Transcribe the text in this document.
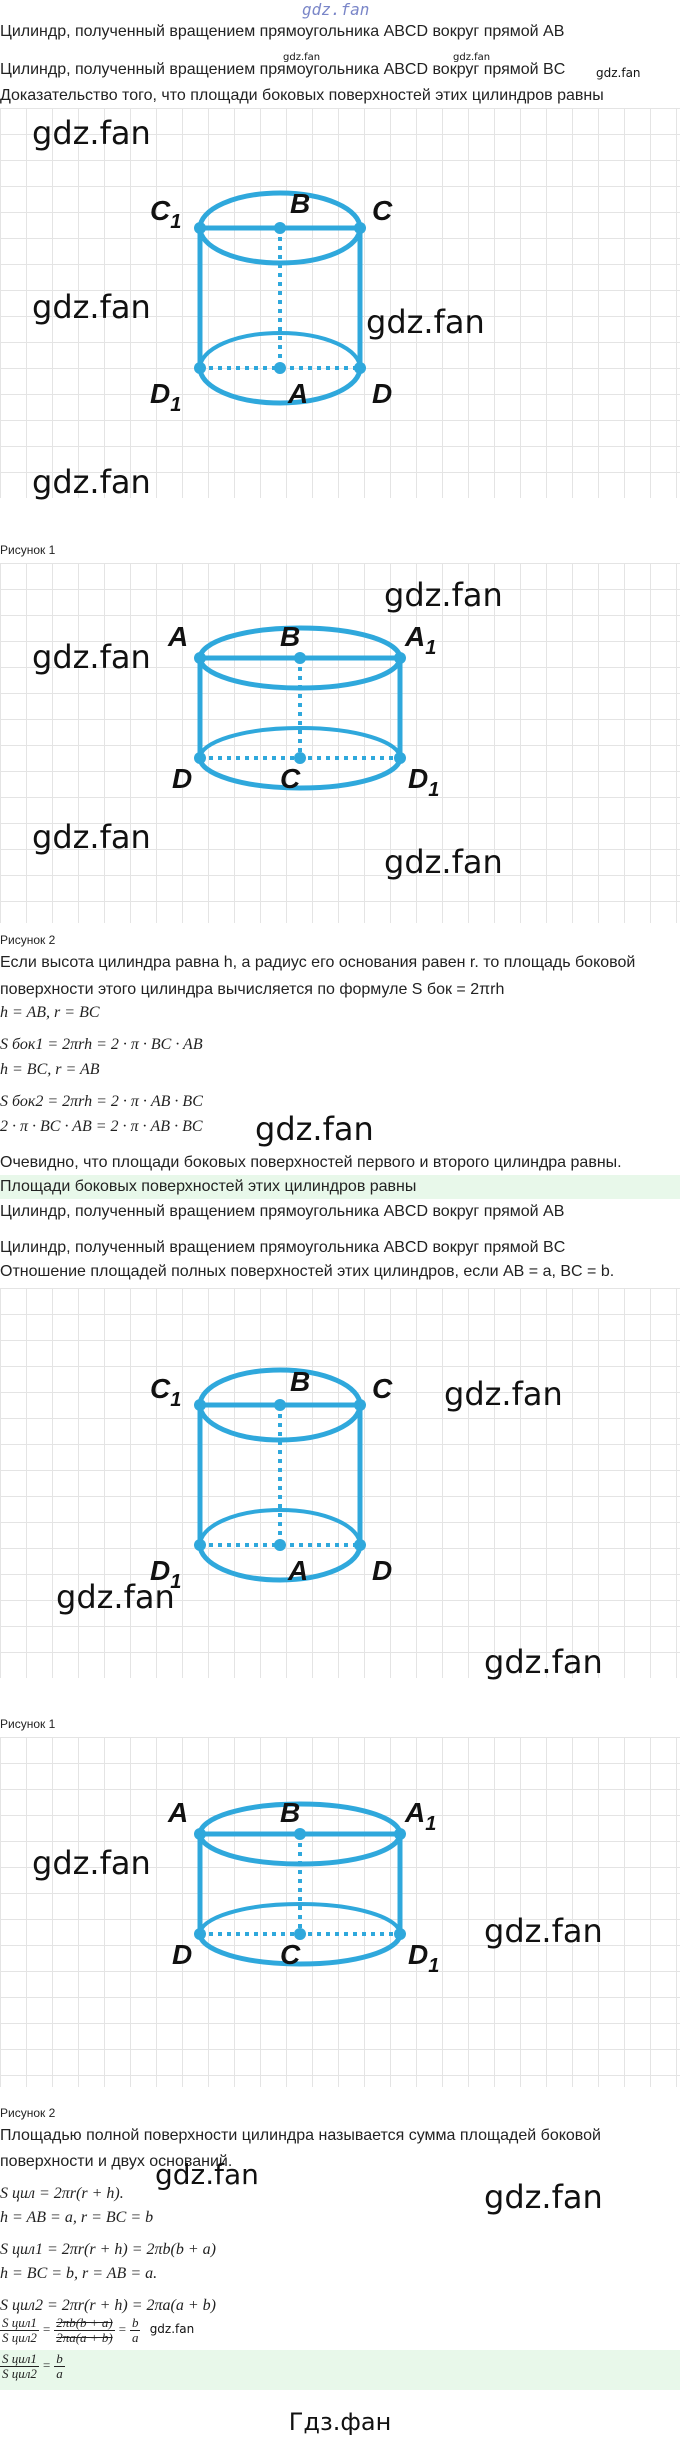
gdz.fan
Цилиндр, полученный вращением прямоугольника ABCD вокруг прямой AB
gdz.fan	gdz.fan
Цилиндр, полученный вращением прямоугольника ABCD вокруг прямой BC	gdz.fan
Доказательство того, что площади боковых поверхностей этих цилиндров равны
$C_1$
B C
$D_1$	A D
gdz.fan
gdz.fan	gdz.fan
gdz.fan
Рисунок 1
A	B	$A_1$
D	C	$D_1$
gdz.fan
gdz.fan
gdz.fan
gdz.fan
Рисунок 2
Если высота цилиндра равна h, а радиус его основания равен r. то площадь боковой
поверхности этого цилиндра вычисляется по формуле S бок = 2πrh
h = AB, r = BC
S бок1 = 2πrh = 2 · π · BC · AB
h = BC, r = AB
S бок2 = 2πrh = 2 · π · AB · BC
2 · π · BC · AB = 2 · π · AB · BC gdz.fan
Очевидно, что площади боковых поверхностей первого и второго цилиндра равны.
Площади боковых поверхностей этих цилиндров равны
Цилиндр, полученный вращением прямоугольника ABCD вокруг прямой AB
Цилиндр, полученный вращением прямоугольника ABCD вокруг прямой BC
Отношение площадей полных поверхностей этих цилиндров, если AB = a, BC = b.
$C_1$
B C
$D_1$	A D
gdz.fan
gdz.fan
gdz.fan
Рисунок 1
A	B	$A_1$
D	C	$D_1$
gdz.fan
gdz.fan
Рисунок 2
Площадью полной поверхности цилиндра называется сумма площадей боковой
поверхности и двух оснований.
gdz.fan
gdz.fan
S цил = 2πr(r + h).
h = AB = a, r = BC = b
S цил1 = 2πr(r + h) = 2πb(b + a)
h = BC = b, r = AB = a.
S цил2 = 2πr(r + h) = 2πa(a + b)
$\frac{\text{S цил1}}{\text{S цил2}} = \frac{2\pi b(b + a)}{2\pi a(a + b)} = \frac{b}{a} gdz.fan$
$\frac{\text{S цил1}}{\text{S цил2}} = \frac{b}{a}$
Гдз.фан
